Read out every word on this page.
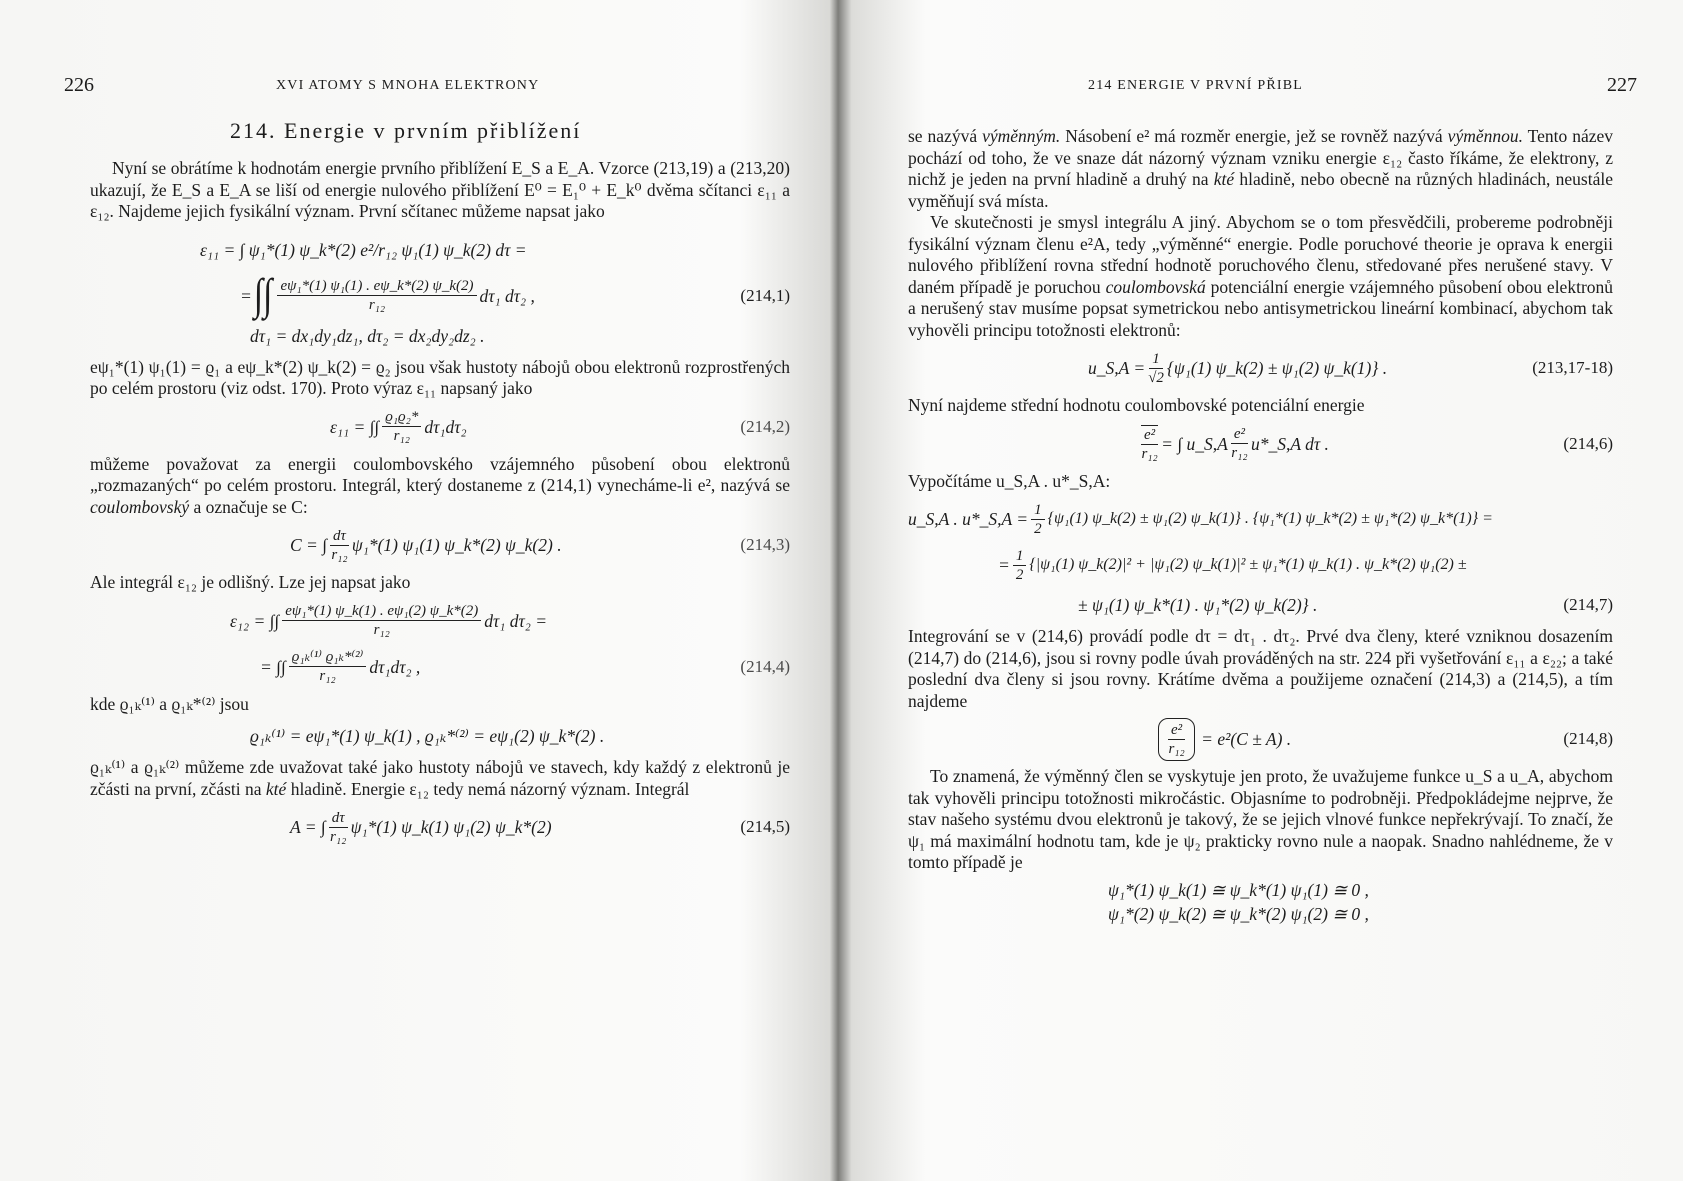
226	XVI ATOMY S MNOHA ELEKTRONY
214. Energie v prvním přiblížení

Nyní se obrátíme k hodnotám energie prvního přiblížení E_S a E_A. Vzorce (213,19) a (213,20) ukazují, že E_S a E_A se liší od energie nulového přiblížení E⁰ = E₁⁰ + E_k⁰ dvěma sčítanci ε₁₁ a ε₁₂. Najdeme jejich fysikální význam. První sčítanec můžeme napsat jako

ε₁₁ = ∫ ψ₁*(1) ψ_k*(2) e²/r₁₂ ψ₁(1) ψ_k(2) dτ =
= ∫∫ $\frac{\text{eψ₁*(1) ψ₁(1) . eψ\_k*(2) ψ\_k(2)}}{\text{r₁₂}} d\tau_1$ dτ₂ ,	(214,1)
dτ₁ = dx₁dy₁dz₁, dτ₂ = dx₂dy₂dz₂ .

eψ₁*(1) ψ₁(1) = ϱ₁ a eψ_k*(2) ψ_k(2) = ϱ₂ jsou však hustoty nábojů obou elektronů rozprostřených po celém prostoru (viz odst. 170). Proto výraz ε₁₁ napsaný jako

ε₁₁ = ∫∫ $\frac{\text{ϱ₁ϱ₂*}}{\text{r₁₂}} d\tau_1d\tau_2$	(214,2)

můžeme považovat za energii coulombovského vzájemného působení obou elektronů „rozmazaných“ po celém prostoru. Integrál, který dostaneme z (214,1) vynecháme-li e², nazývá se coulombovský a označuje se C:

C = ∫ $\frac{d\tau}{\text{r₁₂}} \psi_1*(1)$ ψ₁(1) ψ_k*(2) ψ_k(2) .	(214,3)

Ale integrál ε₁₂ je odlišný. Lze jej napsat jako

ε₁₂ = ∫∫ $\frac{\text{eψ₁*(1) ψ\_k(1) . eψ₁(2) ψ\_k*(2)}}{\text{r₁₂}} d\tau_1$ dτ₂ =
= ∫∫ $\frac{\text{ϱ₁ₖ⁽¹⁾ ϱ₁ₖ*⁽²⁾}}{\text{r₁₂}} d\tau_1d\tau_2$ ,	(214,4)

kde ϱ₁ₖ⁽¹⁾ a ϱ₁ₖ*⁽²⁾ jsou

ϱ₁ₖ⁽¹⁾ = eψ₁*(1) ψ_k(1) , ϱ₁ₖ*⁽²⁾ = eψ₁(2) ψ_k*(2) .

ϱ₁ₖ⁽¹⁾ a ϱ₁ₖ⁽²⁾ můžeme zde uvažovat také jako hustoty nábojů ve stavech, kdy každý z elektronů je zčásti na první, zčásti na kté hladině. Energie ε₁₂ tedy nemá názorný význam. Integrál

A = ∫ $\frac{d\tau}{\text{r₁₂}} \psi_1*(1)$ ψ_k(1) ψ₁(2) ψ_k*(2)	(214,5)
214 ENERGIE V PRVNÍ PŘIBL	227

se nazývá výměnným. Násobení e² má rozměr energie, jež se rovněž nazývá výměnnou. Tento název pochází od toho, že ve snaze dát názorný význam vzniku energie ε₁₂ často říkáme, že elektrony, z nichž je jeden na první hladině a druhý na kté hladině, nebo obecně na různých hladinách, neustále vyměňují svá místa.

Ve skutečnosti je smysl integrálu A jiný. Abychom se o tom přesvědčili, probereme podrobněji fysikální význam členu e²A, tedy „výměnné“ energie. Podle poruchové theorie je oprava k energii nulového přiblížení rovna střední hodnotě poruchového členu, středované přes nerušené stavy. V daném případě je poruchou coulombovská potenciální energie vzájemného působení obou elektronů a nerušený stav musíme popsat symetrickou nebo antisymetrickou lineární kombinací, abychom tak vyhověli principu totožnosti elektronů:

u_S,A = $\frac{1}{√2} \{\psi_1(1)$ ψ_k(2) ± ψ₁(2) ψ_k(1)} .	(213,17-18)

Nyní najdeme střední hodnotu coulombovské potenciální energie

$\frac{\text{e²}}{\text{r₁₂}}$ = ∫ u_S,A $\frac{\text{e²}}{\text{r₁₂}}$ u*_S,A dτ .	(214,6)

Vypočítáme u_S,A . u*_S,A:

u_S,A . u*_S,A = $\frac{1}{2} \{\psi_1(1)$ ψ_k(2) ± ψ₁(2) ψ_k(1)} . {ψ₁*(1) ψ_k*(2) ± ψ₁*(2) ψ_k*(1)} =
= $\frac{1}{2} \{|\psi_1(1)$ ψ_k(2)|² + |ψ₁(2) ψ_k(1)|² ± ψ₁*(1) ψ_k(1) . ψ_k*(2) ψ₁(2) ±
± ψ₁(1) ψ_k*(1) . ψ₁*(2) ψ_k(2)} .	(214,7)

Integrování se v (214,6) provádí podle dτ = dτ₁ . dτ₂. Prvé dva členy, které vzniknou dosazením (214,7) do (214,6), jsou si rovny podle úvah prováděných na str. 224 při vyšetřování ε₁₁ a ε₂₂; a také poslední dva členy si jsou rovny. Krátíme dvěma a použijeme označení (214,3) a (214,5), a tím najdeme

$\frac{\text{e²}}{\text{r₁₂}} = e^2(C \pm A)$ .	(214,8)

To znamená, že výměnný člen se vyskytuje jen proto, že uvažujeme funkce u_S a u_A, abychom tak vyhověli principu totožnosti mikročástic. Objasníme to podrobněji. Předpokládejme nejprve, že stav našeho systému dvou elektronů je takový, že se jejich vlnové funkce nepřekrývají. To značí, že ψ₁ má maximální hodnotu tam, kde je ψ₂ prakticky rovno nule a naopak. Snadno nahlédneme, že v tomto případě je

ψ₁*(1) ψ_k(1) ≅ ψ_k*(1) ψ₁(1) ≅ 0 ,
ψ₁*(2) ψ_k(2) ≅ ψ_k*(2) ψ₁(2) ≅ 0 ,
